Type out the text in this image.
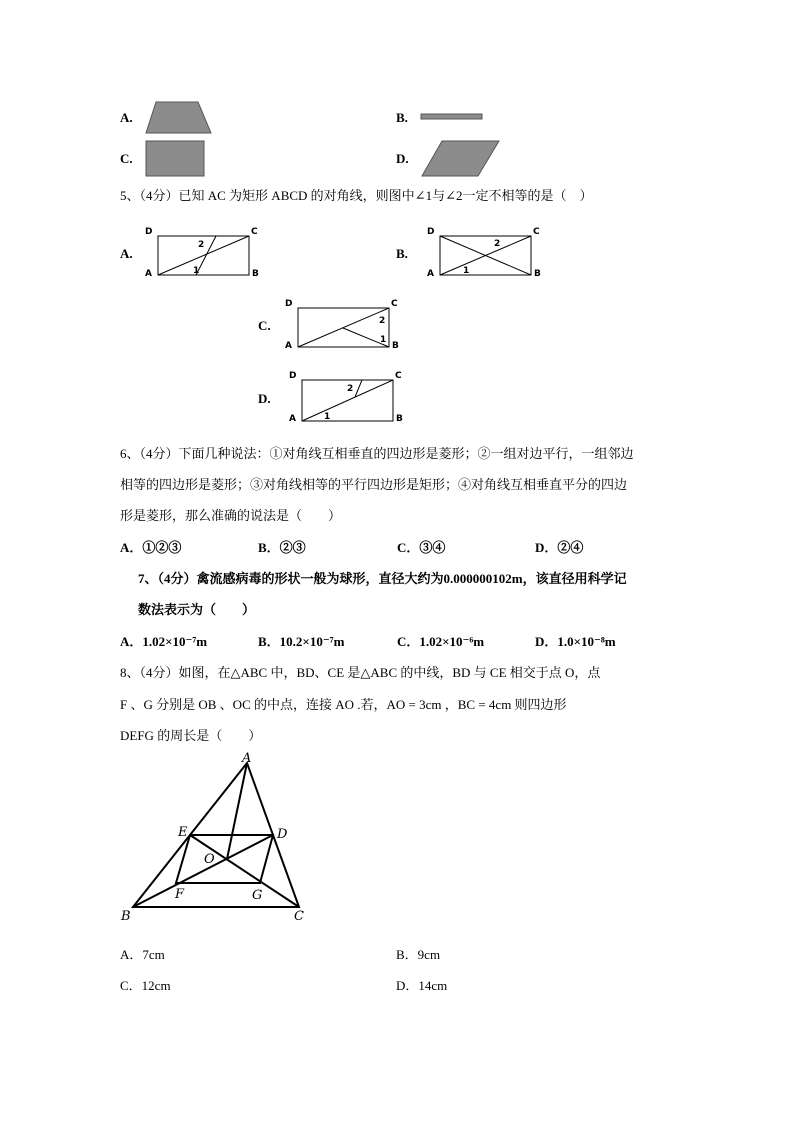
A.	B.
C.	D.
5、（4分）已知 AC 为矩形 ABCD 的对角线，则图中∠1与∠2一定不相等的是（　）
A.
D	C
A	B
2
1
B.
D	C
A	B
2
1
C.
D	C
A	B
2
1
D.
D	C
A	B
2
1
6、（4分）下面几种说法：①对角线互相垂直的四边形是菱形；②一组对边平行，一组邻边
相等的四边形是菱形；③对角线相等的平行四边形是矩形；④对角线互相垂直平分的四边
形是菱形，那么准确的说法是（　　）
A．①②③	B．②③	C．③④	D．②④
7、（4分）禽流感病毒的形状一般为球形，直径大约为0.000000102m，该直径用科学记
数法表示为（　　）
A．1.02×10⁻⁷m	B．10.2×10⁻⁷m	C．1.02×10⁻⁶m	D．1.0×10⁻⁸m
8、（4分）如图，在△ABC 中，BD、CE 是△ABC 的中线，BD 与 CE 相交于点 O，点
F 、G 分别是 OB 、OC 的中点，连接 AO .若，AO = 3cm ，BC = 4cm 则四边形
DEFG 的周长是（　　）
A
B	C
D
E
F	G
O
A．7cm	B．9cm
C．12cm	D．14cm
